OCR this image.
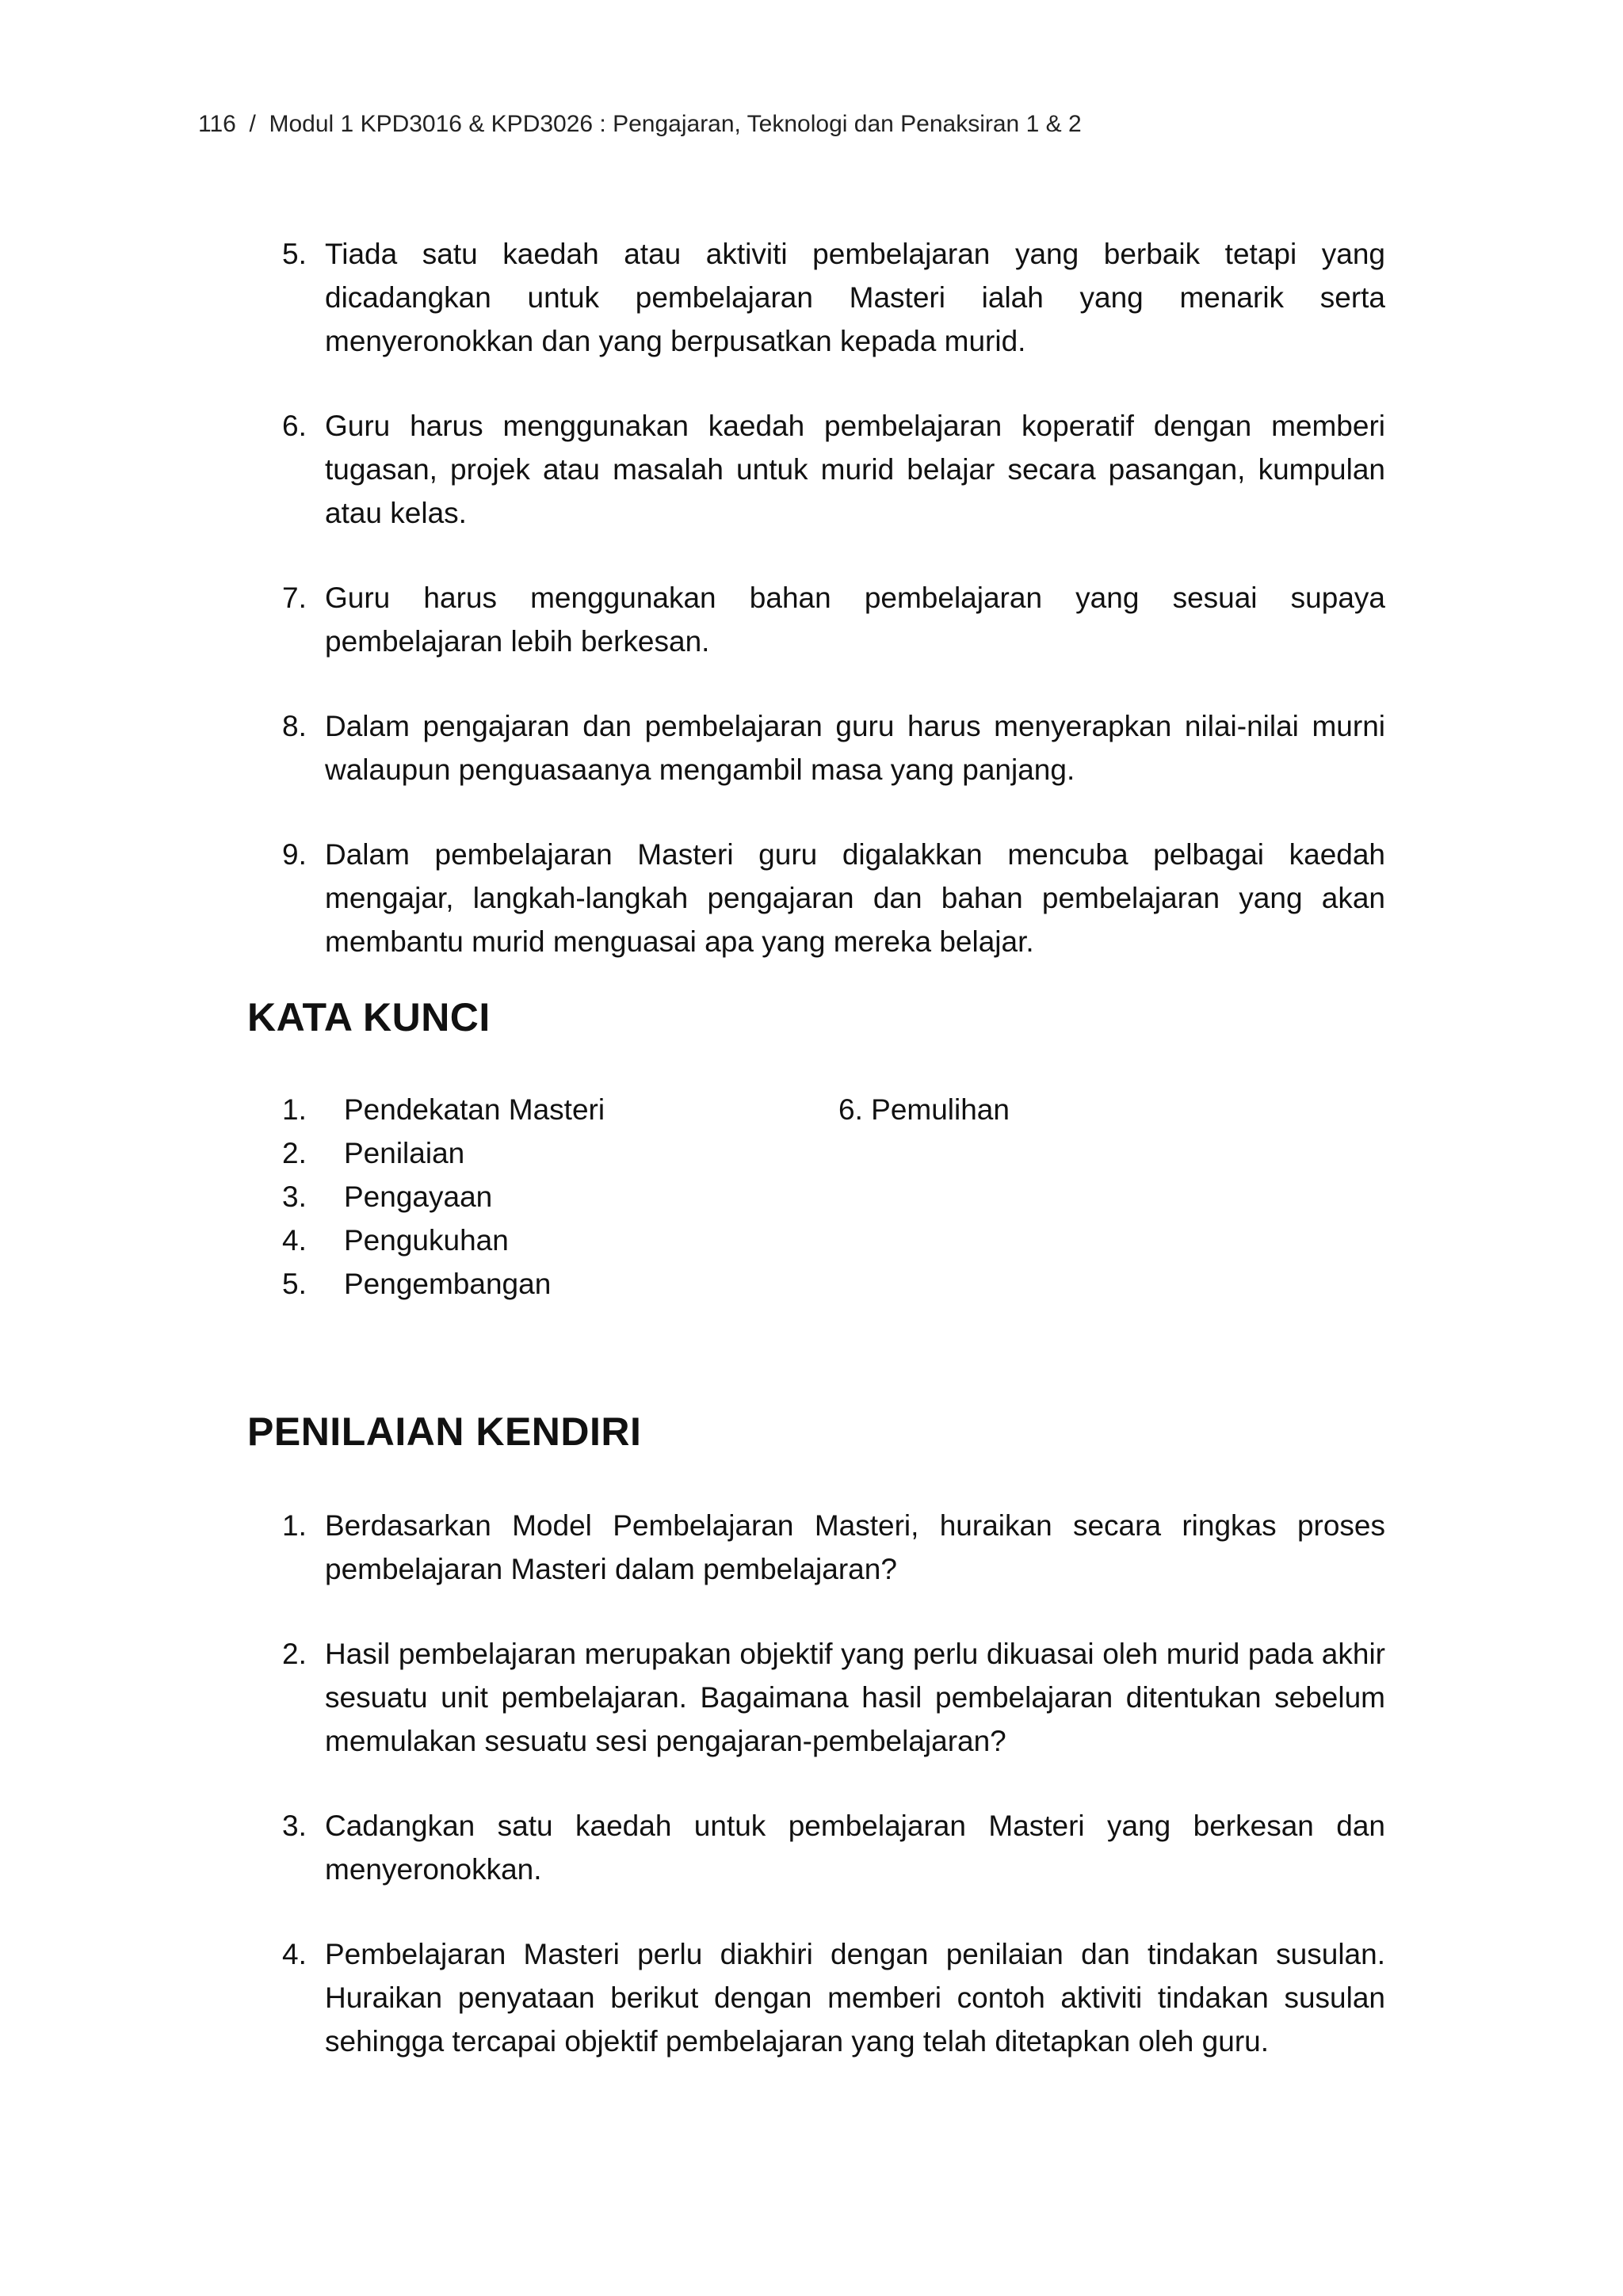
116  /  Modul 1 KPD3016 & KPD3026 : Pengajaran, Teknologi dan Penaksiran 1 & 2
5. Tiada satu kaedah atau aktiviti pembelajaran yang berbaik tetapi yang dicadangkan untuk pembelajaran Masteri ialah yang menarik serta menyeronokkan dan yang berpusatkan kepada murid.
6. Guru harus menggunakan kaedah pembelajaran koperatif dengan memberi tugasan, projek atau masalah untuk murid belajar secara pasangan, kumpulan atau kelas.
7. Guru harus menggunakan bahan pembelajaran yang sesuai supaya pembelajaran lebih berkesan.
8. Dalam pengajaran dan pembelajaran guru harus menyerapkan nilai-nilai murni walaupun penguasaanya mengambil masa yang panjang.
9. Dalam pembelajaran Masteri guru digalakkan mencuba pelbagai kaedah mengajar, langkah-langkah pengajaran dan bahan pembelajaran yang akan membantu murid menguasai apa yang mereka belajar.
KATA KUNCI
1. Pendekatan Masteri
2. Penilaian
3. Pengayaan
4. Pengukuhan
5. Pengembangan
6. Pemulihan
PENILAIAN KENDIRI
1. Berdasarkan Model Pembelajaran Masteri, huraikan secara ringkas proses pembelajaran Masteri dalam pembelajaran?
2. Hasil pembelajaran merupakan objektif yang perlu dikuasai oleh murid pada akhir sesuatu unit pembelajaran. Bagaimana hasil pembelajaran ditentukan sebelum memulakan sesuatu sesi pengajaran-pembelajaran?
3. Cadangkan satu kaedah untuk pembelajaran Masteri yang berkesan dan menyeronokkan.
4. Pembelajaran Masteri perlu diakhiri dengan penilaian dan tindakan susulan. Huraikan penyataan berikut dengan memberi contoh aktiviti tindakan susulan sehingga tercapai objektif pembelajaran yang telah ditetapkan oleh guru.
